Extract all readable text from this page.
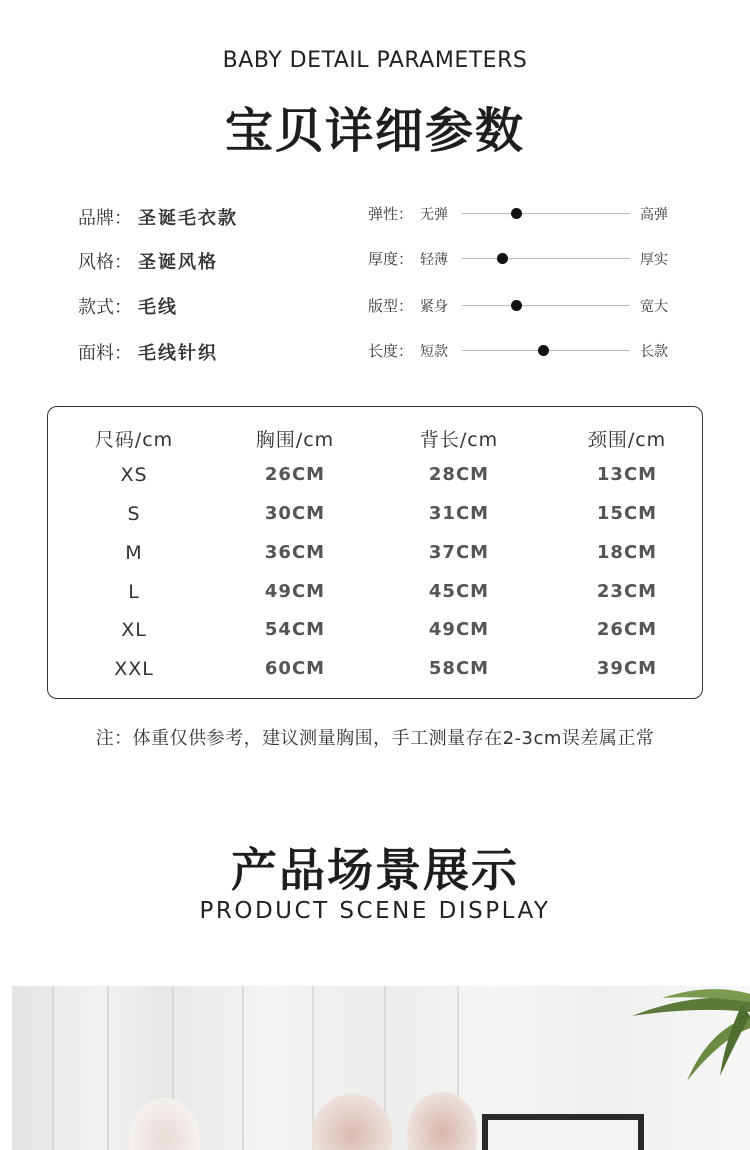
BABY DETAIL PARAMETERS
宝贝详细参数
品牌： 圣诞毛衣款
风格： 圣诞风格
款式： 毛线
面料： 毛线针织
弹性： 无弹	高弹
厚度： 轻薄	厚实
版型： 紧身	宽大
长度： 短款	长款
尺码/cm	胸围/cm	背长/cm	颈围/cm
XS	26CM	28CM	13CM
S	30CM	31CM	15CM
M	36CM	37CM	18CM
L	49CM	45CM	23CM
XL	54CM	49CM	26CM
XXL	60CM	58CM	39CM
注：体重仅供参考，建议测量胸围，手工测量存在2-3cm误差属正常
产品场景展示
PRODUCT SCENE DISPLAY
